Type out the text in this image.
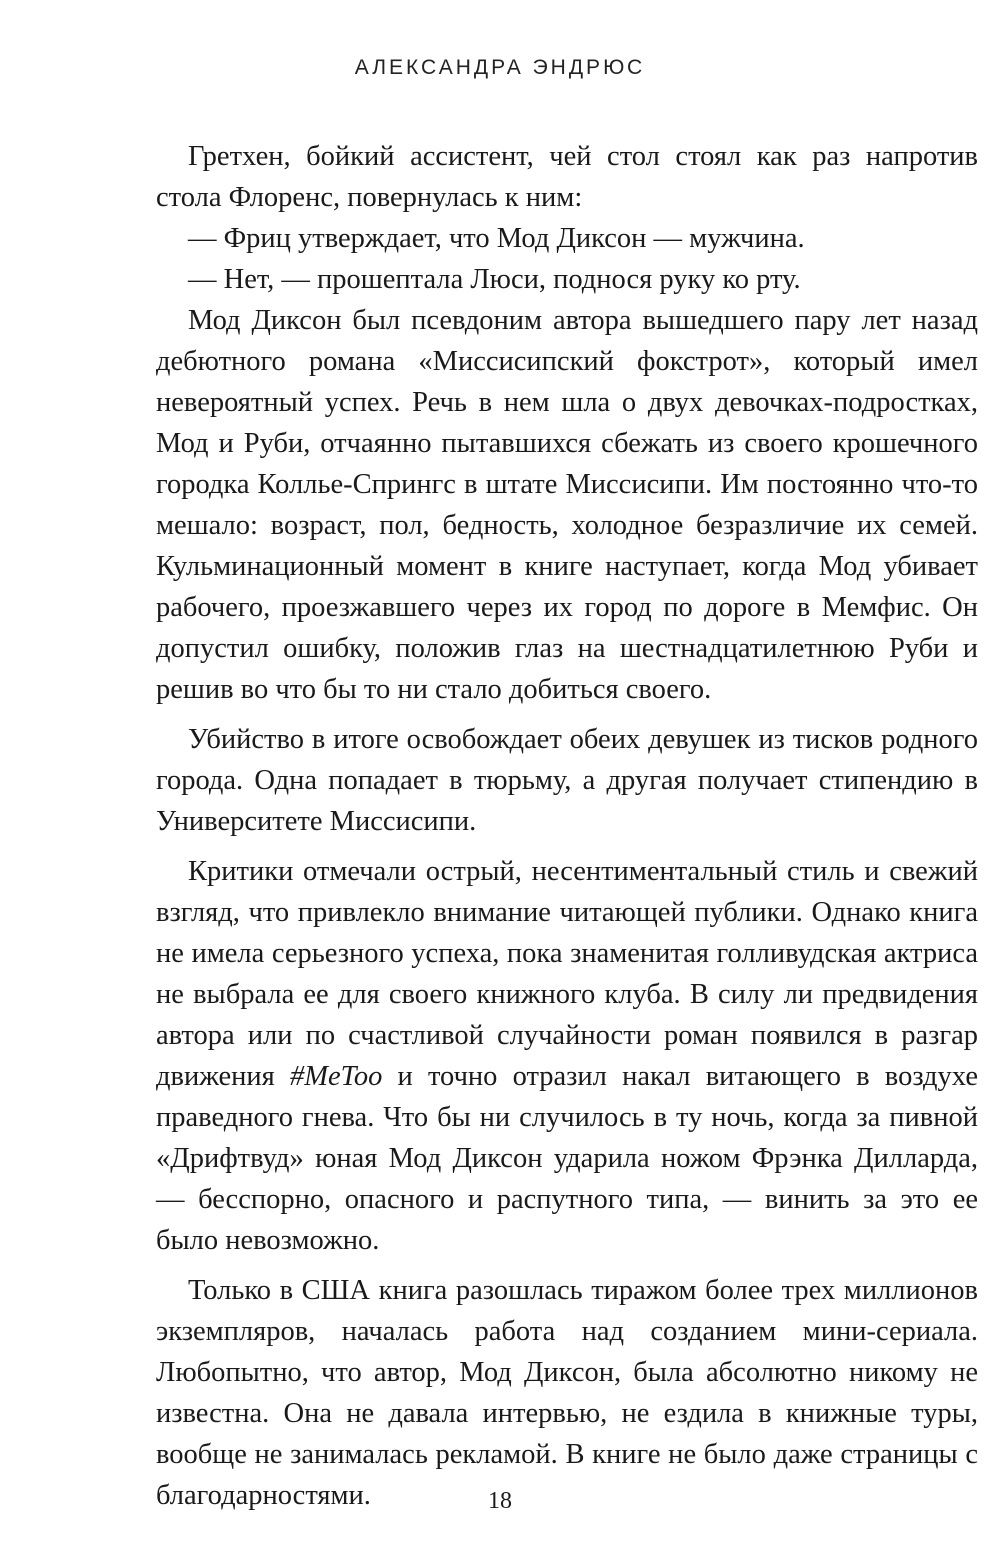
АЛЕКСАНДРА ЭНДРЮС

Гретхен, бойкий ассистент, чей стол стоял как раз напротив стола Флоренс, повернулась к ним:

— Фриц утверждает, что Мод Диксон — мужчина.

— Нет, — прошептала Люси, поднося руку ко рту.

Мод Диксон был псевдоним автора вышедшего пару лет назад дебютного романа «Миссисипский фокстрот», который имел невероятный успех. Речь в нем шла о двух девочках-подростках, Мод и Руби, отчаянно пытавшихся сбежать из своего крошечного городка Коллье-Спрингс в штате Миссисипи. Им постоянно что-то мешало: возраст, пол, бедность, холодное безразличие их семей. Кульминационный момент в книге наступает, когда Мод убивает рабочего, проезжавшего через их город по дороге в Мемфис. Он допустил ошибку, положив глаз на шестнадцатилетнюю Руби и решив во что бы то ни стало добиться своего.

Убийство в итоге освобождает обеих девушек из тисков родного города. Одна попадает в тюрьму, а другая получает стипендию в Университете Миссисипи.

Критики отмечали острый, несентиментальный стиль и свежий взгляд, что привлекло внимание читающей публики. Однако книга не имела серьезного успеха, пока знаменитая голливудская актриса не выбрала ее для своего книжного клуба. В силу ли предвидения автора или по счастливой случайности роман появился в разгар движения #MeToo и точно отразил накал витающего в воздухе праведного гнева. Что бы ни случилось в ту ночь, когда за пивной «Дрифтвуд» юная Мод Диксон ударила ножом Фрэнка Дилларда, — бесспорно, опасного и распутного типа, — винить за это ее было невозможно.

Только в США книга разошлась тиражом более трех миллионов экземпляров, началась работа над созданием мини-сериала. Любопытно, что автор, Мод Диксон, была абсолютно никому не известна. Она не давала интервью, не ездила в книжные туры, вообще не занималась рекламой. В книге не было даже страницы с благодарностями.	18
